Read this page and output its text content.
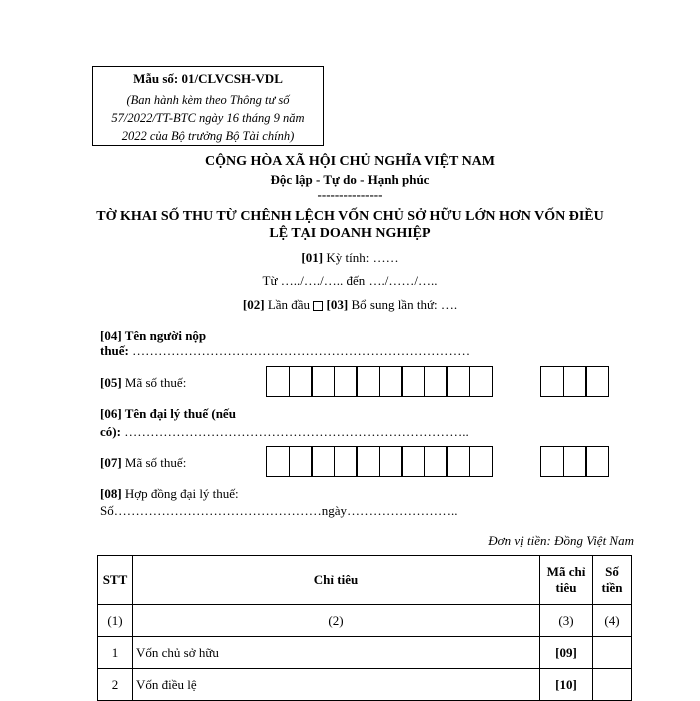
Mẫu số: 01/CLVCSH-VDL
(Ban hành kèm theo Thông tư số
57/2022/TT-BTC ngày 16 tháng 9 năm
2022 của Bộ trưởng Bộ Tài chính)
CỘNG HÒA XÃ HỘI CHỦ NGHĨA VIỆT NAM
Độc lập - Tự do - Hạnh phúc
---------------
TỜ KHAI SỐ THU TỪ CHÊNH LỆCH VỐN CHỦ SỞ HỮU LỚN HƠN VỐN ĐIỀU
LỆ TẠI DOANH NGHIỆP
[01] Kỳ tính: ……
Từ …../…./….. đến …./……/…..
[02] Lần đầu [03] Bổ sung lần thứ: ….
[04] Tên người nộp
thuế: ……………………………………………………………………
[05] Mã số thuế:
[06] Tên đại lý thuế (nếu
có): ……………………………………………………………………..
[07] Mã số thuế:
[08] Hợp đồng đại lý thuế:
Số…………………………………………ngày……………………..
Đơn vị tiền: Đồng Việt Nam
STT	Chỉ tiêu	Mã chỉ tiêu	Số tiền
(1)	(2)	(3)	(4)
1	Vốn chủ sở hữu	[09]	
2	Vốn điều lệ	[10]	
